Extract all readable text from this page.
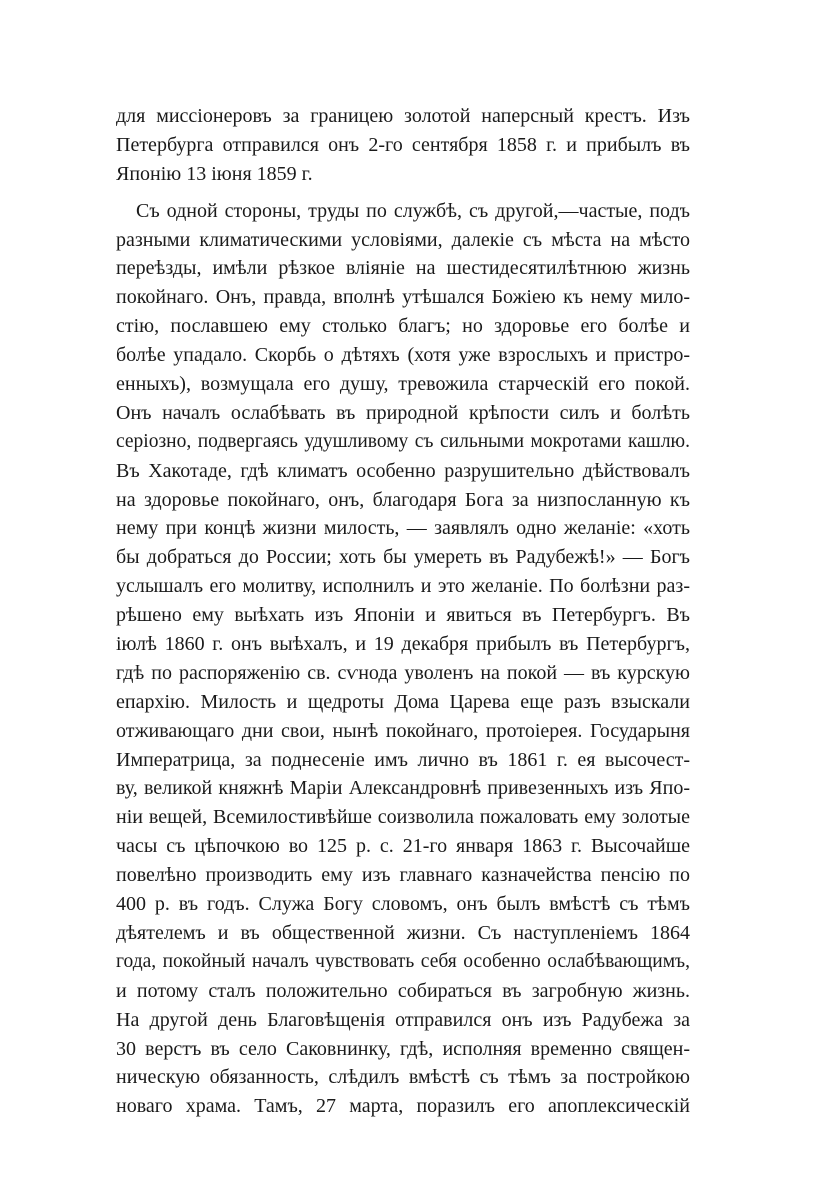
для миссіонеровъ за границею золотой наперсный крестъ. Изъ
Петербурга отправился онъ 2-го сентября 1858 г. и прибылъ въ
Японію 13 іюня 1859 г.
Съ одной стороны, труды по службѣ, съ другой,—частые, подъ
разными климатическими условіями, далекіе съ мѣста на мѣсто
переѣзды, имѣли рѣзкое вліяніе на шестидесятилѣтнюю жизнь
покойнаго. Онъ, правда, вполнѣ утѣшался Божіею къ нему мило-
стію, пославшею ему столько благъ; но здоровье его болѣе и
болѣе упадало. Скорбь о дѣтяхъ (хотя уже взрослыхъ и пристро-
енныхъ), возмущала его душу, тревожила старческій его покой.
Онъ началъ ослабѣвать въ природной крѣпости силъ и болѣть
серіозно, подвергаясь удушливому съ сильными мокротами кашлю.
Въ Хакотаде, гдѣ климатъ особенно разрушительно дѣйствовалъ
на здоровье покойнаго, онъ, благодаря Бога за низпосланную къ
нему при концѣ жизни милость, — заявлялъ одно желаніе: «хоть
бы добраться до России; хоть бы умереть въ Радубежѣ!» — Богъ
услышалъ его молитву, исполнилъ и это желаніе. По болѣзни раз-
рѣшено ему выѣхать изъ Японіи и явиться въ Петербургъ. Въ
іюлѣ 1860 г. онъ выѣхалъ, и 19 декабря прибылъ въ Петербургъ,
гдѣ по распоряженію св. сѵнода уволенъ на покой — въ курскую
епархію. Милость и щедроты Дома Царева еще разъ взыскали
отживающаго дни свои, нынѣ покойнаго, протоіерея. Государыня
Императрица, за поднесеніе имъ лично въ 1861 г. ея высочест-
ву, великой княжнѣ Маріи Александровнѣ привезенныхъ изъ Япо-
ніи вещей, Всемилостивѣйше соизволила пожаловать ему золотые
часы съ цѣпочкою во 125 р. с. 21-го января 1863 г. Высочайше
повелѣно производить ему изъ главнаго казначейства пенсію по
400 р. въ годъ. Служа Богу словомъ, онъ былъ вмѣстѣ съ тѣмъ
дѣятелемъ и въ общественной жизни. Съ наступленіемъ 1864
года, покойный началъ чувствовать себя особенно ослабѣвающимъ,
и потому сталъ положительно собираться въ загробную жизнь.
На другой день Благовѣщенія отправился онъ изъ Радубежа за
30 верстъ въ село Саковнинку, гдѣ, исполняя временно священ-
ническую обязанность, слѣдилъ вмѣстѣ съ тѣмъ за постройкою
новаго храма. Тамъ, 27 марта, поразилъ его апоплексическій
